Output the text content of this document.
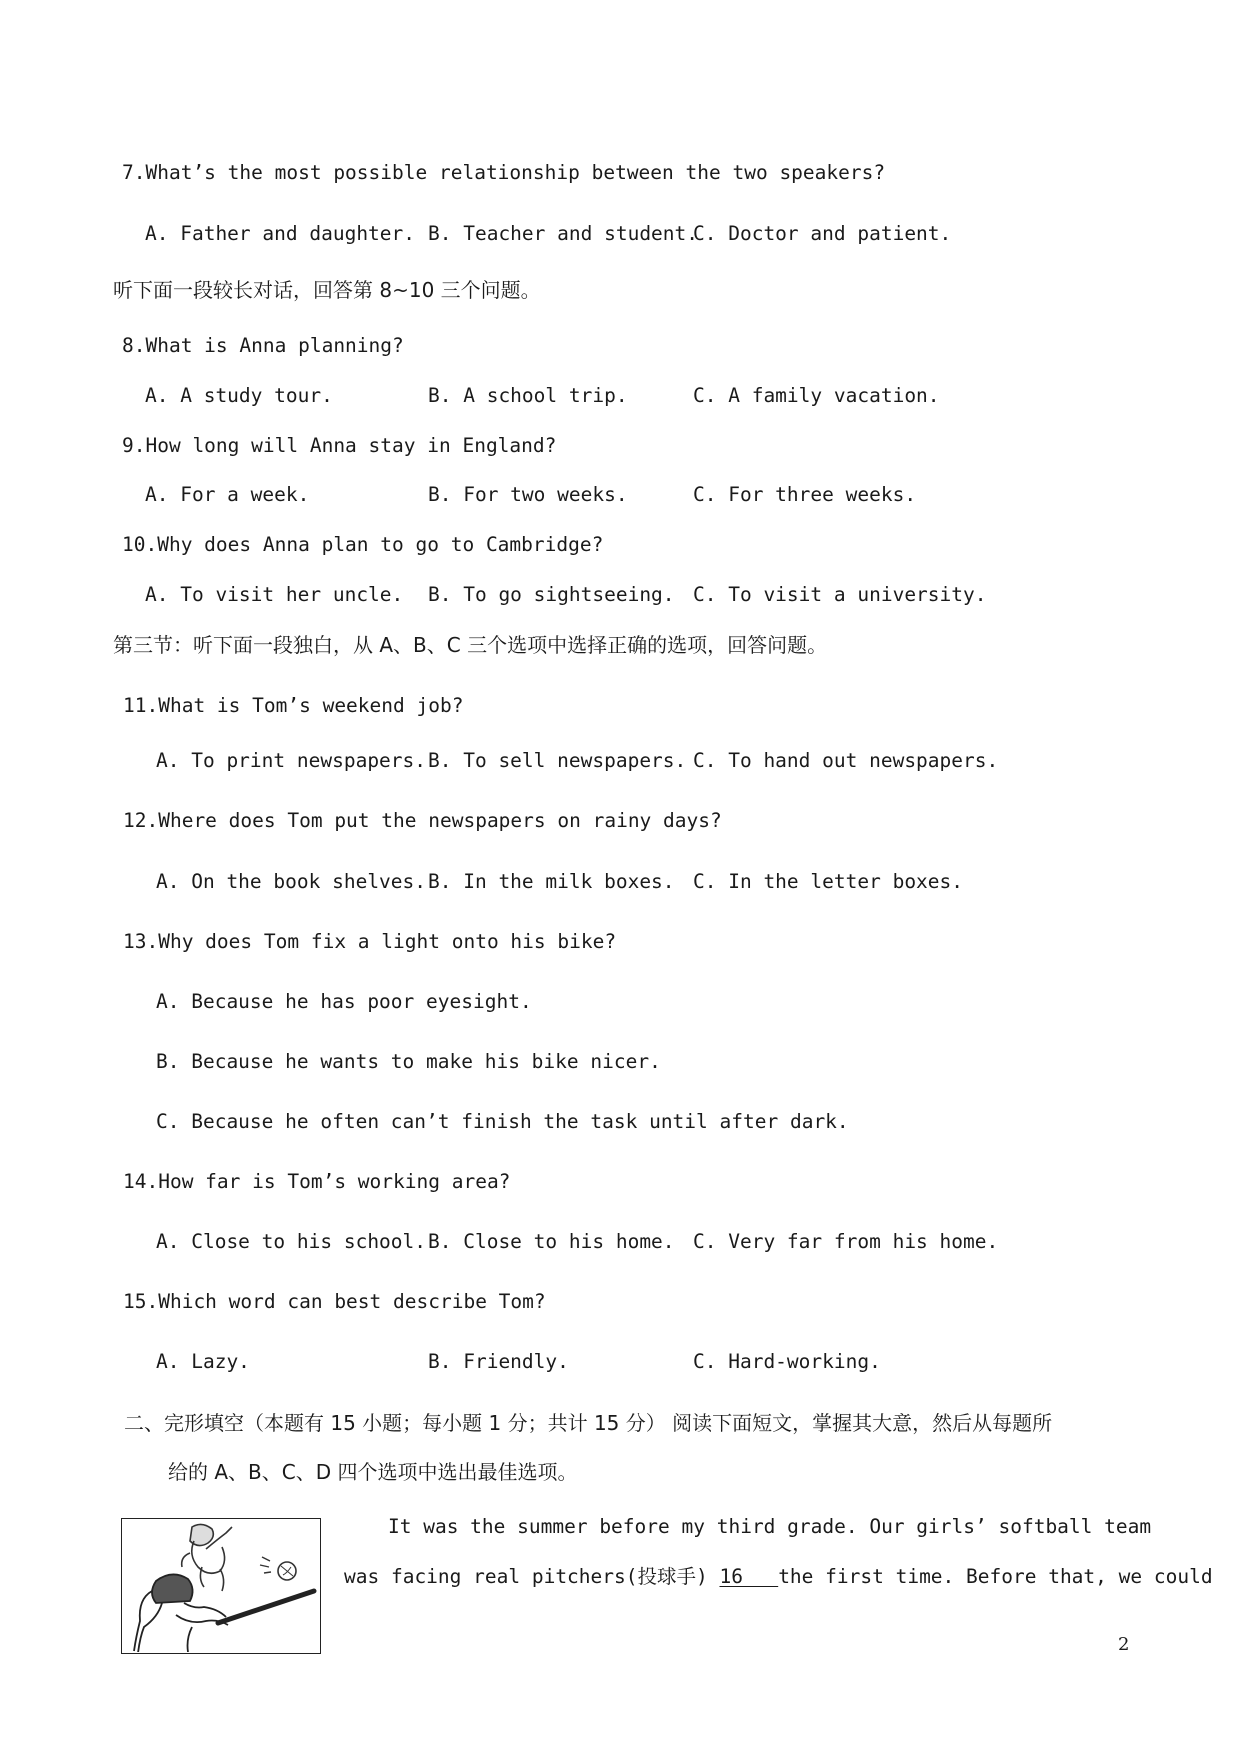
7.What’s the most possible relationship between the two speakers?
A. Father and daughter. B. Teacher and student.
C. Doctor and patient.
听下面一段较长对话，回答第 8~10 三个问题。
8.What is Anna planning?
A. A study tour.	B. A school trip.	C. A family vacation.
9.How long will Anna stay in England?
A. For a week.	B. For two weeks.	C. For three weeks.
10.Why does Anna plan to go to Cambridge?
A. To visit her uncle. B. To go sightseeing. C. To visit a university.
第三节：听下面一段独白，从 A、B、C 三个选项中选择正确的选项，回答问题。
11.What is Tom’s weekend job?
A. To print newspapers. B. To sell newspapers. C. To hand out newspapers.
12.Where does Tom put the newspapers on rainy days?
A. On the book shelves. B. In the milk boxes. C. In the letter boxes.
13.Why does Tom fix a light onto his bike?
A. Because he has poor eyesight.
B. Because he wants to make his bike nicer.
C. Because he often can’t finish the task until after dark.
14.How far is Tom’s working area?
A. Close to his school. B. Close to his home. C. Very far from his home.
15.Which word can best describe Tom?
A. Lazy.	B. Friendly.	C. Hard-working.
二、完形填空（本题有 15 小题；每小题 1 分；共计 15 分） 阅读下面短文，掌握其大意，然后从每题所
给的 A、B、C、D 四个选项中选出最佳选项。
It was the summer before my third grade. Our girls’ softball team
was facing real pitchers(投球手) 16   the first time. Before that, we could
2
